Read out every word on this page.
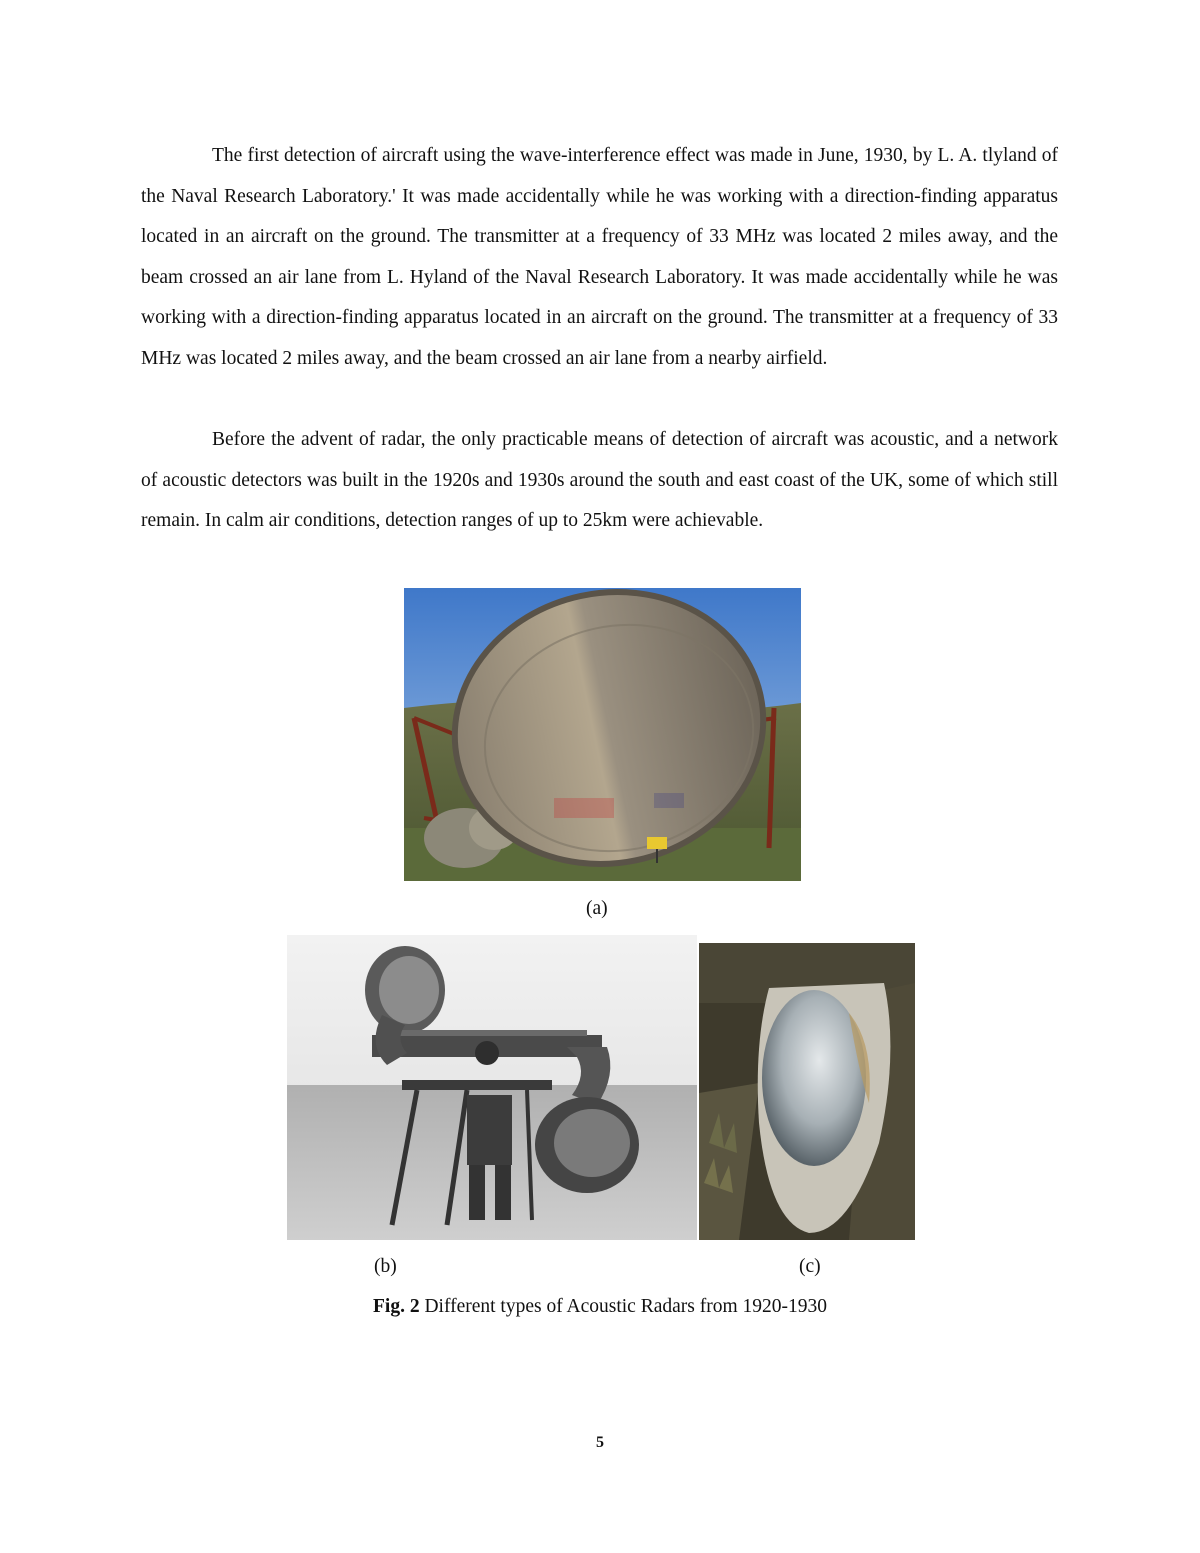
The first detection of aircraft using the wave-interference effect was made in June, 1930, by L. A. tlyland of the Naval Research Laboratory.' It was made accidentally while he was working with a direction-finding apparatus located in an aircraft on the ground. The transmitter at a frequency of 33 MHz was located 2 miles away, and the beam crossed an air lane from L. Hyland of the Naval Research Laboratory. It was made accidentally while he was working with a direction-finding apparatus located in an aircraft on the ground. The transmitter at a frequency of 33 MHz was located 2 miles away, and the beam crossed an air lane from a nearby airfield.

Before the advent of radar, the only practicable means of detection of aircraft was acoustic, and a network of acoustic detectors was built in the 1920s and 1930s around the south and east coast of the UK, some of which still remain. In calm air conditions, detection ranges of up to 25km were achievable.

(a)

(b)	(c)

Fig. 2 Different types of Acoustic Radars from 1920-1930
5
